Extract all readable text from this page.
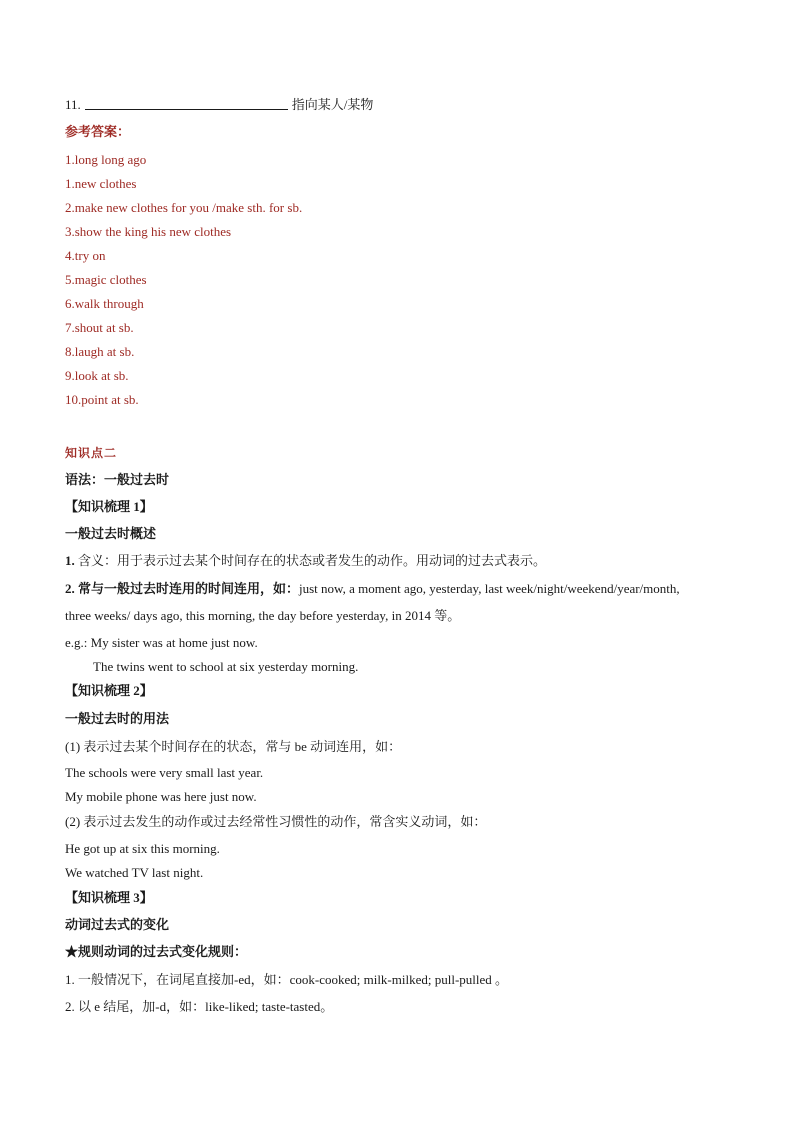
11.	指向某人/某物
参考答案：
1.long long ago
1.new clothes
2.make new clothes for you /make sth. for sb.
3.show the king his new clothes
4.try on
5.magic clothes
6.walk through
7.shout at sb.
8.laugh at sb.
9.look at sb.
10.point at sb.
知识点二
语法：一般过去时
【知识梳理 1】
一般过去时概述
1. 含义：用于表示过去某个时间存在的状态或者发生的动作。用动词的过去式表示。
2. 常与一般过去时连用的时间连用，如：just now, a moment ago, yesterday, last week/night/weekend/year/month,
three weeks/ days ago, this morning, the day before yesterday, in 2014 等。
e.g.: My sister was at home just now.
The twins went to school at six yesterday morning.
【知识梳理 2】
一般过去时的用法
(1) 表示过去某个时间存在的状态，常与 be 动词连用，如：
The schools were very small last year.
My mobile phone was here just now.
(2) 表示过去发生的动作或过去经常性习惯性的动作，常含实义动词，如：
He got up at six this morning.
We watched TV last night.
【知识梳理 3】
动词过去式的变化
★规则动词的过去式变化规则：
1. 一般情况下，在词尾直接加-ed，如：cook-cooked; milk-milked; pull-pulled 。
2. 以 e 结尾，加-d，如：like-liked; taste-tasted。
